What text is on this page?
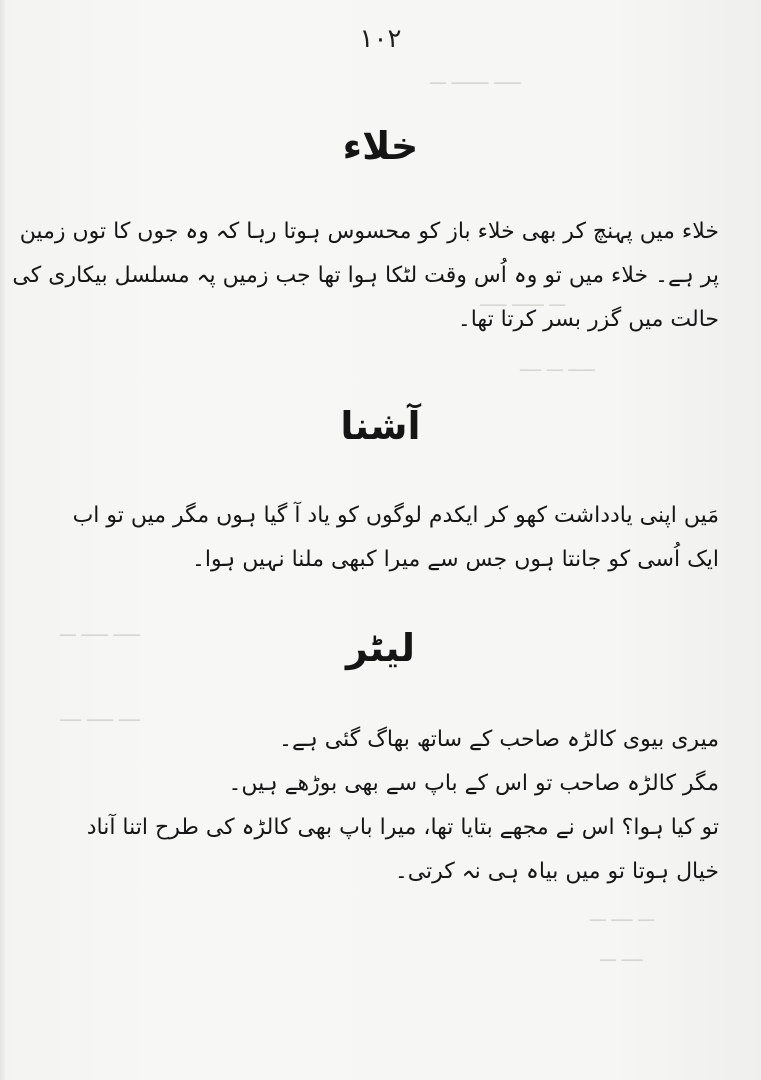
ـــــ ـــــــ ـــ
ـــ ــــــ ـــــ
ـــــ ـــ ــــ
ـــــ ـــــ ـــ
ــــ ـــــ ــــ
ـــ ــــ ـــ
ــــ ـــ
۱۰۲
خلاء
خلاء میں پہنچ کر بھی خلاء باز کو محسوس ہوتا رہا کہ وہ جوں کا توں زمین
پر ہے۔ خلاء میں تو وہ اُس وقت لٹکا ہوا تھا جب زمیں پہ مسلسل بیکاری کی
حالت میں گزر بسر کرتا تھا۔
آشنا
مَیں اپنی یادداشت کھو کر ایکدم لوگوں کو یاد آ گیا ہوں مگر میں تو اب
ایک اُسی کو جانتا ہوں جس سے میرا کبھی ملنا نہیں ہوا۔
لیٹر
میری بیوی کالڑہ صاحب کے ساتھ بھاگ گئی ہے۔
مگر کالڑہ صاحب تو اس کے باپ سے بھی بوڑھے ہیں۔
تو کیا ہوا؟ اس نے مجھے بتایا تھا، میرا باپ بھی کالڑہ کی طرح اتنا آناد
خیال ہوتا تو میں بیاہ ہی نہ کرتی۔
